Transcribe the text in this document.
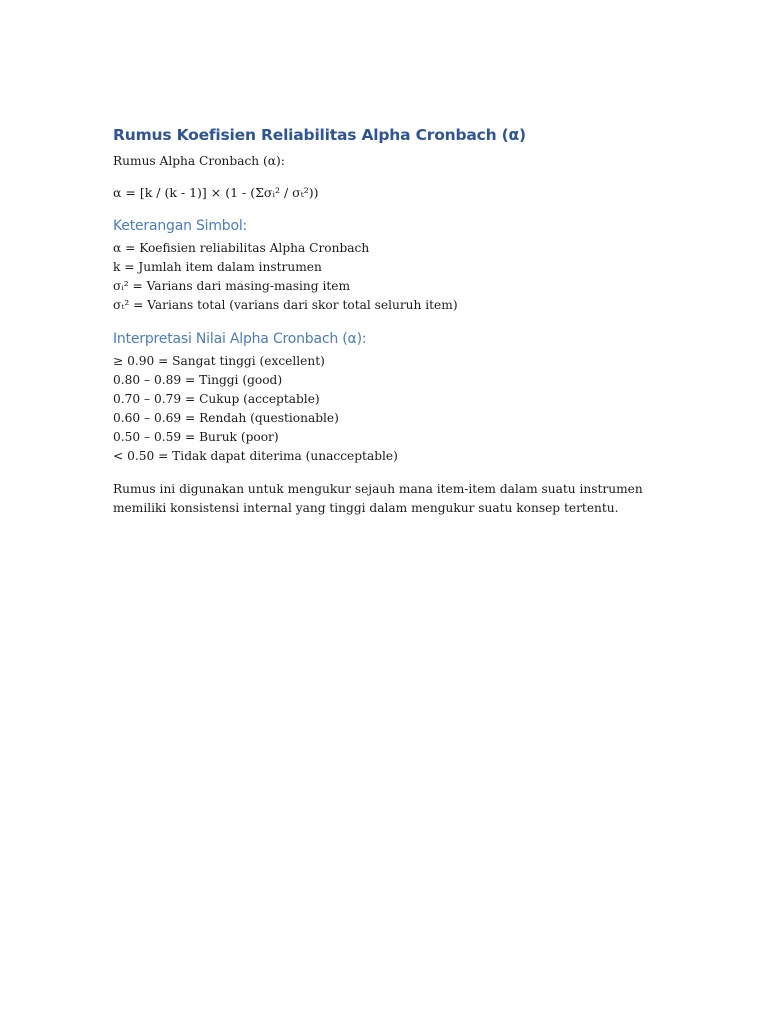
Rumus Koefisien Reliabilitas Alpha Cronbach (α)

Rumus Alpha Cronbach (α):

α = [k / (k - 1)] × (1 - (Σσᵢ² / σₜ²))

Keterangan Simbol:

α = Koefisien reliabilitas Alpha Cronbach

k = Jumlah item dalam instrumen

σᵢ² = Varians dari masing-masing item

σₜ² = Varians total (varians dari skor total seluruh item)

Interpretasi Nilai Alpha Cronbach (α):

≥ 0.90 = Sangat tinggi (excellent)

0.80 – 0.89 = Tinggi (good)

0.70 – 0.79 = Cukup (acceptable)

0.60 – 0.69 = Rendah (questionable)

0.50 – 0.59 = Buruk (poor)

< 0.50 = Tidak dapat diterima (unacceptable)

Rumus ini digunakan untuk mengukur sejauh mana item-item dalam suatu instrumen memiliki konsistensi internal yang tinggi dalam mengukur suatu konsep tertentu.
